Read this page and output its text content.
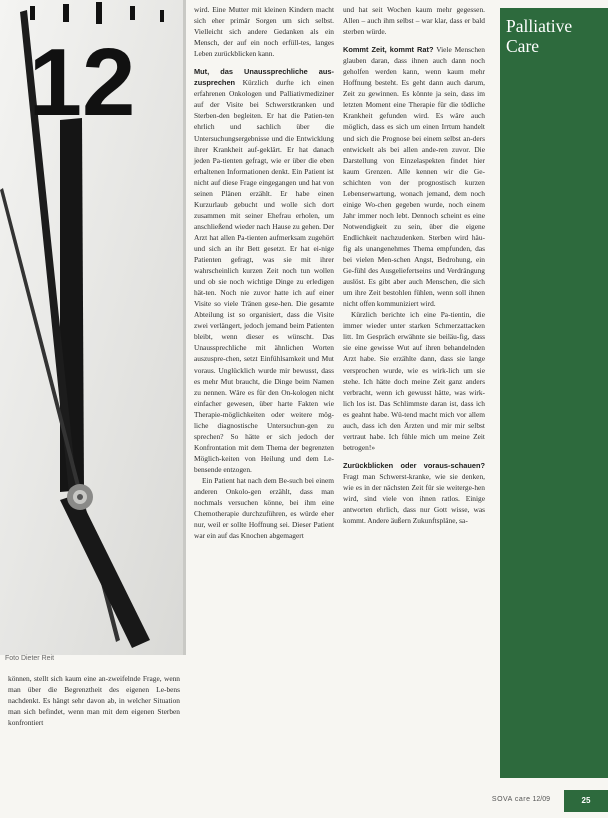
12
Foto Dieter Reit

können, stellt sich kaum eine an-zweifelnde Frage, wenn man über die Begrenztheit des eigenen Le-bens nachdenkt. Es hängt sehr davon ab, in welcher Situation man sich befindet, wenn man mit dem eigenen Sterben konfrontiert

wird. Eine Mutter mit kleinen Kindern macht sich eher primär Sorgen um sich selbst. Vielleicht sich andere Gedanken als ein Mensch, der auf ein noch erfüll-tes, langes Leben zurückblicken kann.

Mut, das Unaussprechliche aus-zusprechen Kürzlich durfte ich einen erfahrenen Onkologen und Palliativmediziner auf der Visite bei Schwerstkranken und Sterben-den begleiten. Er hat die Patien-ten ehrlich und sachlich über die Untersuchungsergebnisse und die Entwicklung ihrer Krankheit auf-geklärt. Er hat danach jeden Pa-tienten gefragt, wie er über die eben erhaltenen Informationen denkt. Ein Patient ist nicht auf diese Frage eingegangen und hat von seinen Plänen erzählt. Er habe einen Kurzurlaub gebucht und wolle sich dort zusammen mit seiner Ehefrau erholen, um anschließend wieder nach Hause zu gehen. Der Arzt hat allen Pa-tienten aufmerksam zugehört und sich an ihr Bett gesetzt. Er hat ei-nige Patienten gefragt, was sie mit ihrer wahrscheinlich kurzen Zeit noch tun wollen und ob sie noch wichtige Dinge zu erledigen hät-ten. Noch nie zuvor hatte ich auf einer Visite so viele Tränen gese-hen. Die gesamte Abteilung ist so organisiert, dass die Visite zwei verlängert, jedoch jemand beim Patienten bleibt, wenn dieser es wünscht. Das Unaussprechliche mit ähnlichen Worten auszuspre-chen, setzt Einfühlsamkeit und Mut voraus. Unglücklich wurde mir bewusst, dass es mehr Mut braucht, die Dinge beim Namen zu nennen. Wäre es für den On-kologen nicht einfacher gewesen, über harte Fakten wie Therapie-möglichkeiten oder weitere mög-liche diagnostische Untersuchun-gen zu sprechen? So hätte er sich jedoch der Konfrontation mit dem Thema der begrenzten Möglich-keiten von Heilung und dem Le-bensende entzogen.

Ein Patient hat nach dem Be-such bei einem anderen Onkolo-gen erzählt, dass man nochmals versuchen könne, bei ihm eine Chemotherapie durchzuführen, es würde eher nur, weil er sollte Hoffnung sei. Dieser Patient war ein auf das Knochen abgemagert

und hat seit Wochen kaum mehr gegessen. Allen – auch ihm selbst – war klar, dass er bald sterben würde.

Kommt Zeit, kommt Rat? Viele Menschen glauben daran, dass ihnen auch dann noch geholfen werden kann, wenn kaum mehr Hoffnung besteht. Es geht dann auch darum, Zeit zu gewinnen. Es könnte ja sein, dass im letzten Moment eine Therapie für die tödliche Krankheit gefunden wird. Es wäre auch möglich, dass es sich um einen Irrtum handelt und sich die Prognose bei einem selbst an-ders entwickelt als bei allen ande-ren zuvor. Die Darstellung von Einzelaspekten findet hier kaum Grenzen. Alle kennen wir die Ge-schichten von der prognostisch kurzen Lebenserwartung, wonach jemand, dem noch einige Wo-chen gegeben wurde, noch einem Jahr immer noch lebt. Dennoch scheint es eine Notwendigkeit zu sein, über die eigene Endlichkeit nachzudenken. Sterben wird häu-fig als unangenehmes Thema empfunden, das bei vielen Men-schen Angst, Bedrohung, ein Ge-fühl des Ausgeliefertseins und Verdrängung auslöst. Es gibt aber auch Menschen, die sich um ihre Zeit bestohlen fühlen, wenn soll ihnen nicht offen kommuniziert wird.

Kürzlich berichte ich eine Pa-tientin, die immer wieder unter starken Schmerzattacken litt. Im Gespräch erwähnte sie beiläu-fig, dass sie eine gewisse Wut auf ihren behandelnden Arzt habe. Sie erzählte dann, dass sie lange versprochen wurde, wie es wirk-lich um sie stehe. Ich hätte doch meine Zeit ganz anders verbracht, wenn ich gewusst hätte, was wirk-lich los ist. Das Schlimmste daran ist, dass ich es geahnt habe. Wü-tend macht mich vor allem auch, dass ich den Ärzten und mir mir selbst vertraut habe. Ich fühle mich um meine Zeit betrogen!»

Zurückblicken oder voraus-schauen? Fragt man Schwerst-kranke, wie sie denken, wie es in der nächsten Zeit für sie weiterge-hen wird, sind viele von ihnen ratlos. Einige antworten ehrlich, dass nur Gott wisse, was kommt. Andere äußern Zukunftspläne, sa-

Palliative
Care
SOVA care 12/09	25
